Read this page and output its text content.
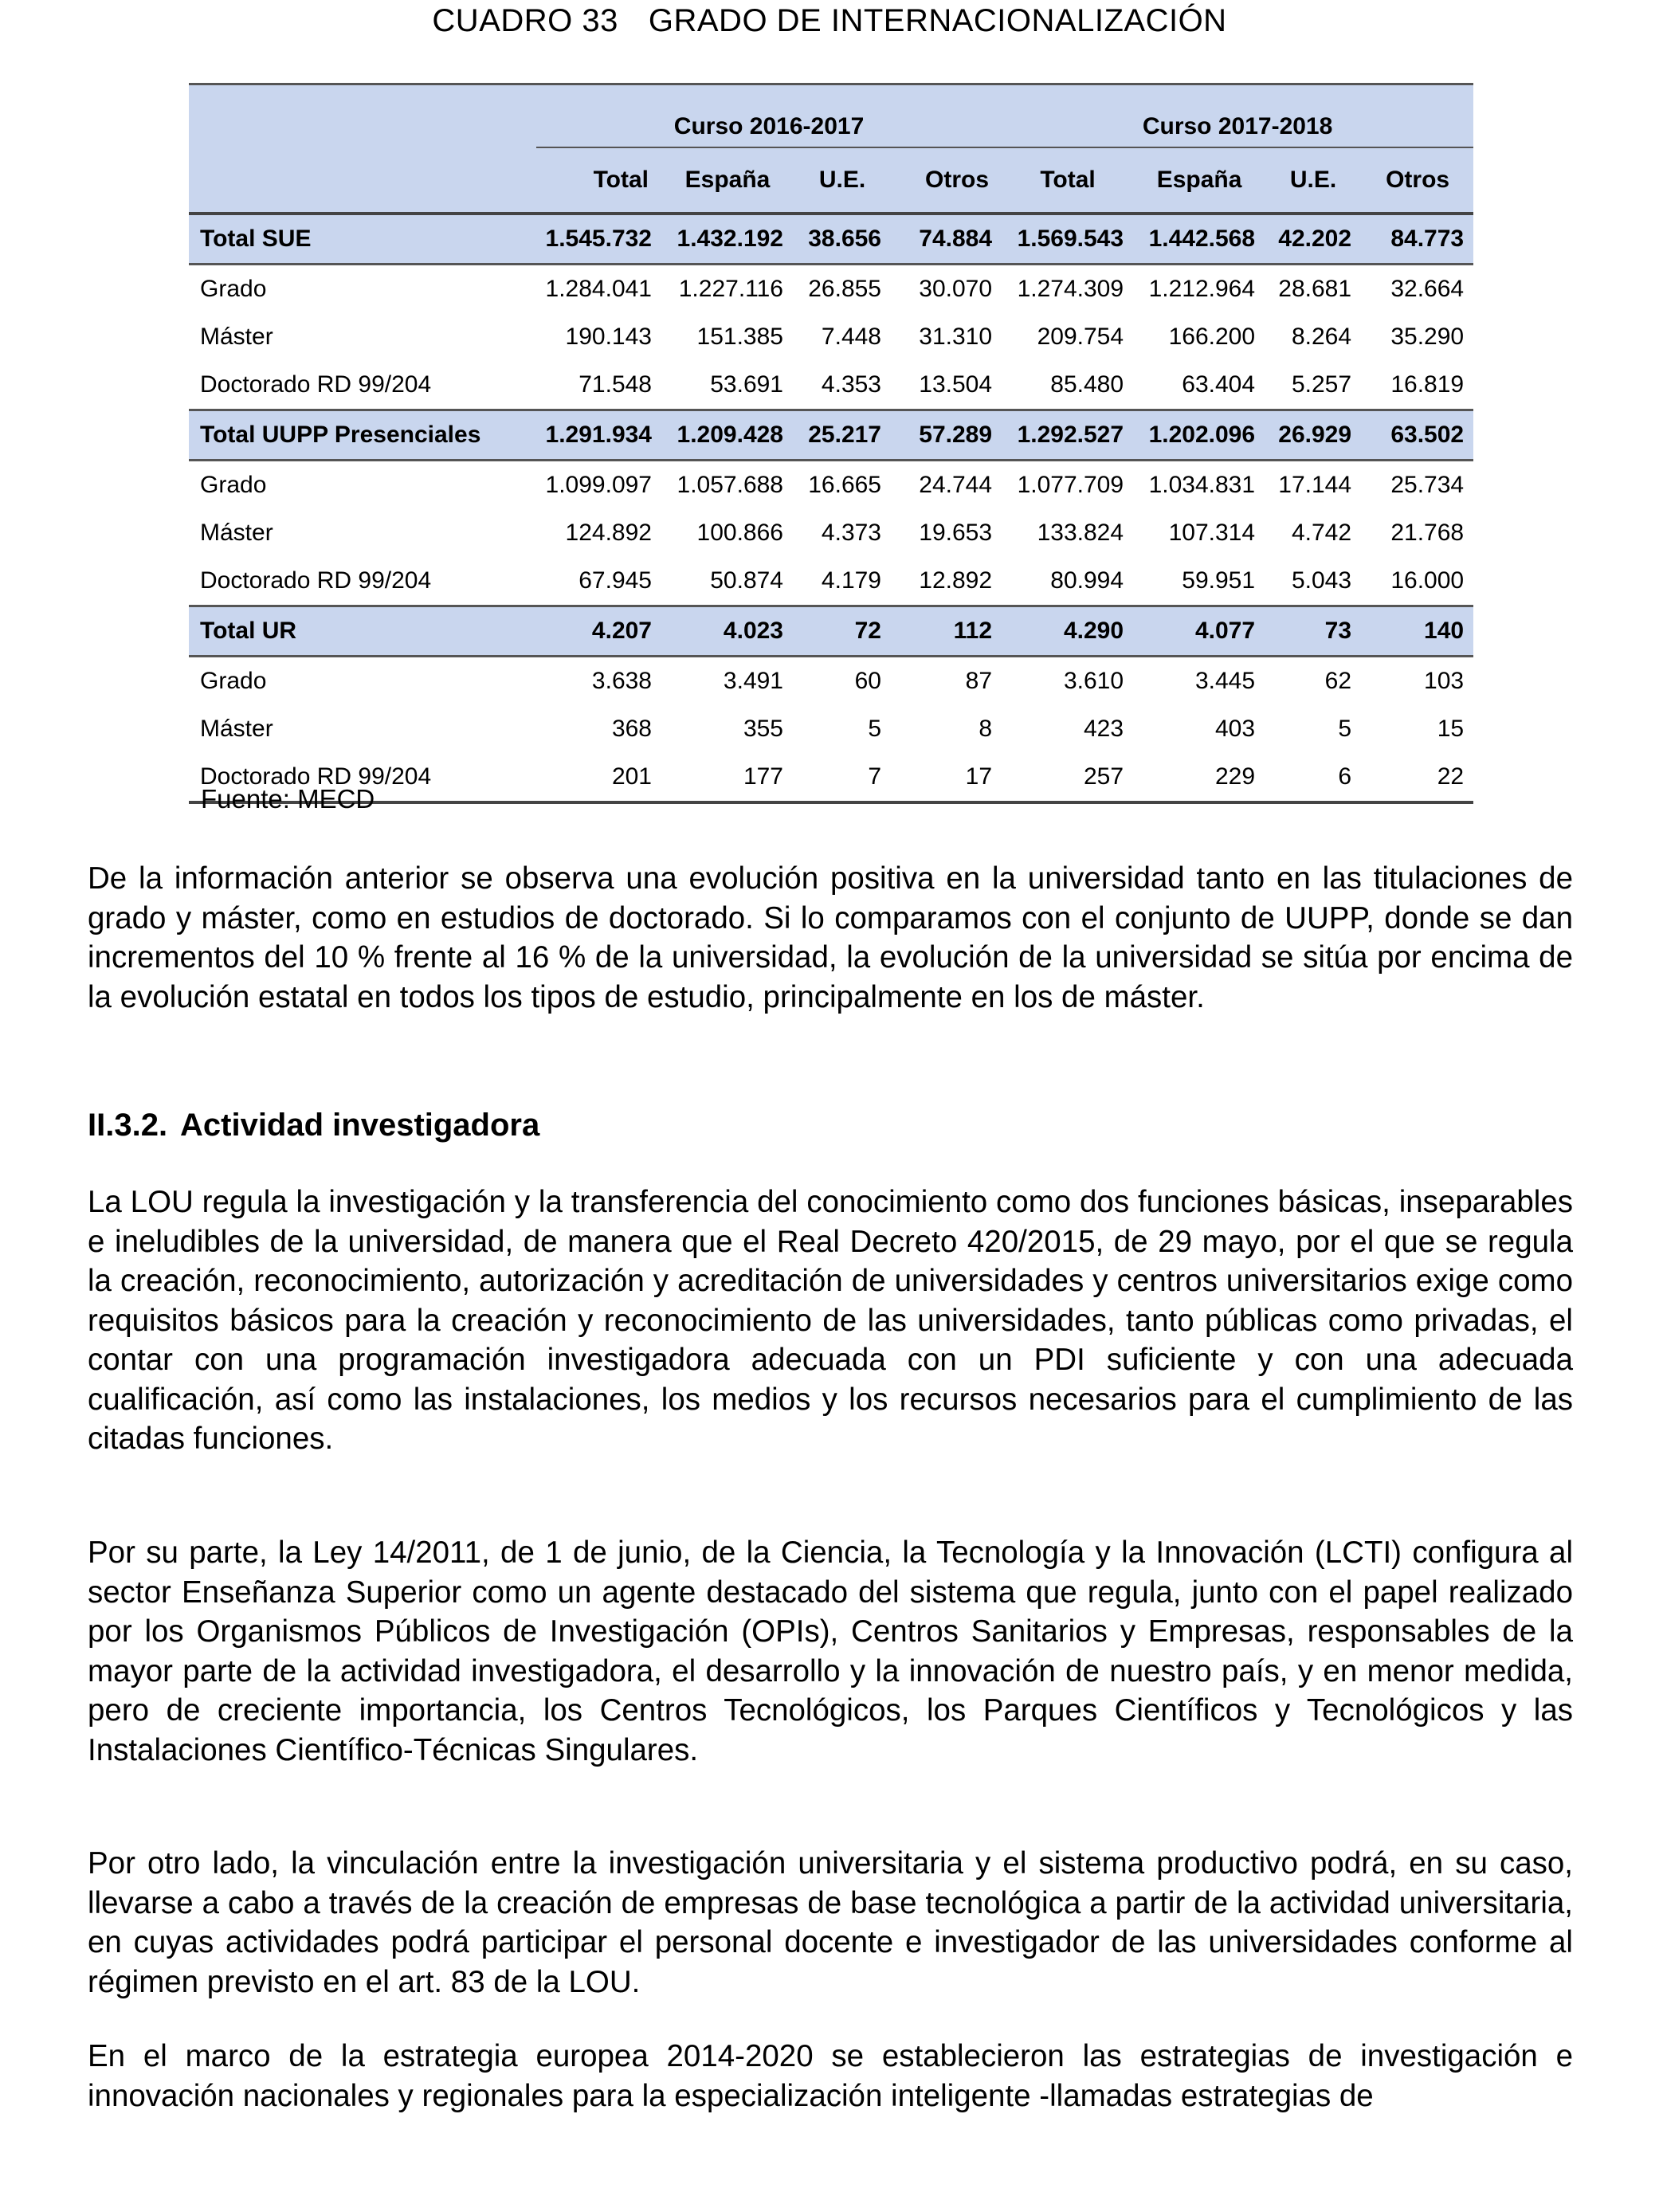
CUADRO 33 GRADO DE INTERNACIONALIZACIÓN
	Curso 2016-2017				Curso 2017-2018			
	Total	España	U.E.	Otros	Total	España	U.E.	Otros
Total SUE	1.545.732	1.432.192	38.656	74.884	1.569.543	1.442.568	42.202	84.773
Grado	1.284.041	1.227.116	26.855	30.070	1.274.309	1.212.964	28.681	32.664
Máster	190.143	151.385	7.448	31.310	209.754	166.200	8.264	35.290
Doctorado RD 99/204	71.548	53.691	4.353	13.504	85.480	63.404	5.257	16.819
Total UUPP Presenciales	1.291.934	1.209.428	25.217	57.289	1.292.527	1.202.096	26.929	63.502
Grado	1.099.097	1.057.688	16.665	24.744	1.077.709	1.034.831	17.144	25.734
Máster	124.892	100.866	4.373	19.653	133.824	107.314	4.742	21.768
Doctorado RD 99/204	67.945	50.874	4.179	12.892	80.994	59.951	5.043	16.000
Total UR	4.207	4.023	72	112	4.290	4.077	73	140
Grado	3.638	3.491	60	87	3.610	3.445	62	103
Máster	368	355	5	8	423	403	5	15
Doctorado RD 99/204	201	177	7	17	257	229	6	22
Fuente: MECD

De la información anterior se observa una evolución positiva en la universidad tanto en las titulaciones de grado y máster, como en estudios de doctorado. Si lo comparamos con el conjunto de UUPP, donde se dan incrementos del 10 % frente al 16 % de la universidad, la evolución de la universidad se sitúa por encima de la evolución estatal en todos los tipos de estudio, principalmente en los de máster.

II.3.2. Actividad investigadora

La LOU regula la investigación y la transferencia del conocimiento como dos funciones básicas, inseparables e ineludibles de la universidad, de manera que el Real Decreto 420/2015, de 29 mayo, por el que se regula la creación, reconocimiento, autorización y acreditación de universidades y centros universitarios exige como requisitos básicos para la creación y reconocimiento de las universidades, tanto públicas como privadas, el contar con una programación investigadora adecuada con un PDI suficiente y con una adecuada cualificación, así como las instalaciones, los medios y los recursos necesarios para el cumplimiento de las citadas funciones.

Por su parte, la Ley 14/2011, de 1 de junio, de la Ciencia, la Tecnología y la Innovación (LCTI) configura al sector Enseñanza Superior como un agente destacado del sistema que regula, junto con el papel realizado por los Organismos Públicos de Investigación (OPIs), Centros Sanitarios y Empresas, responsables de la mayor parte de la actividad investigadora, el desarrollo y la innovación de nuestro país, y en menor medida, pero de creciente importancia, los Centros Tecnológicos, los Parques Científicos y Tecnológicos y las Instalaciones Científico-Técnicas Singulares.

Por otro lado, la vinculación entre la investigación universitaria y el sistema productivo podrá, en su caso, llevarse a cabo a través de la creación de empresas de base tecnológica a partir de la actividad universitaria, en cuyas actividades podrá participar el personal docente e investigador de las universidades conforme al régimen previsto en el art. 83 de la LOU.

En el marco de la estrategia europea 2014-2020 se establecieron las estrategias de investigación e innovación nacionales y regionales para la especialización inteligente -llamadas estrategias de
